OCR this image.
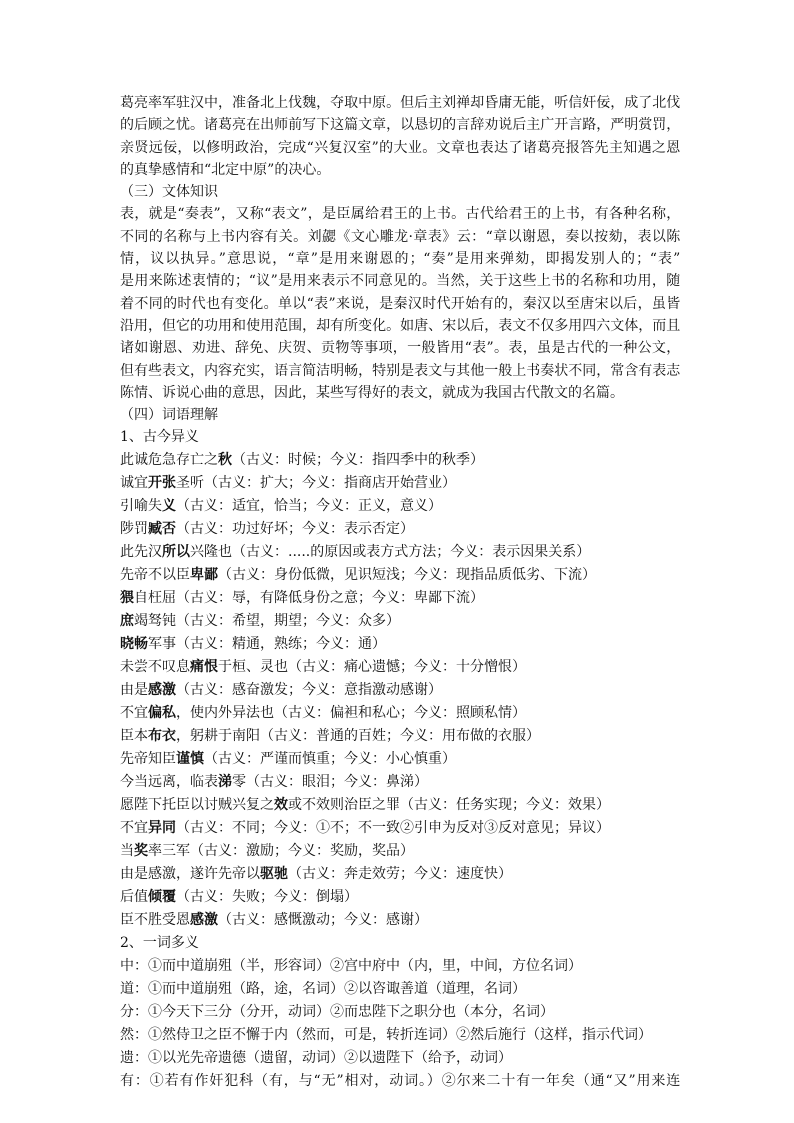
葛亮率军驻汉中，准备北上伐魏，夺取中原。但后主刘禅却昏庸无能，听信奸佞，成了北伐
的后顾之忧。诸葛亮在出师前写下这篇文章，以恳切的言辞劝说后主广开言路，严明赏罚，
亲贤远佞，以修明政治，完成“兴复汉室”的大业。文章也表达了诸葛亮报答先主知遇之恩
的真挚感情和“北定中原”的决心。
（三）文体知识
表，就是“奏表”，又称“表文”，是臣属给君王的上书。古代给君王的上书，有各种名称，
不同的名称与上书内容有关。刘勰《文心雕龙·章表》云：“章以谢恩，奏以按劾，表以陈
情，议以执异。”意思说，“章”是用来谢恩的；“奏”是用来弹劾，即揭发别人的；“表”
是用来陈述衷情的；“议”是用来表示不同意见的。当然，关于这些上书的名称和功用，随
着不同的时代也有变化。单以“表”来说，是秦汉时代开始有的，秦汉以至唐宋以后，虽皆
沿用，但它的功用和使用范围，却有所变化。如唐、宋以后，表文不仅多用四六文体，而且
诸如谢恩、劝进、辞免、庆贺、贡物等事项，一般皆用“表”。表，虽是古代的一种公文，
但有些表文，内容充实，语言简洁明畅，特别是表文与其他一般上书奏状不同，常含有表志
陈情、诉说心曲的意思，因此，某些写得好的表文，就成为我国古代散文的名篇。
（四）词语理解
1、古今异义
此诚危急存亡之秋（古义：时候；今义：指四季中的秋季）
诚宜开张圣听（古义：扩大；今义：指商店开始营业）
引喻失义（古义：适宜，恰当；今义：正义，意义）
陟罚臧否（古义：功过好坏；今义：表示否定）
此先汉所以兴隆也（古义：.....的原因或表方式方法；今义：表示因果关系）
先帝不以臣卑鄙（古义：身份低微，见识短浅；今义：现指品质低劣、下流）
猥自枉屈（古义：辱，有降低身份之意；今义：卑鄙下流）
庶竭驽钝（古义：希望，期望；今义：众多）
晓畅军事（古义：精通，熟练；今义：通）
未尝不叹息痛恨于桓、灵也（古义：痛心遗憾；今义：十分憎恨）
由是感激（古义：感奋激发；今义：意指激动感谢）
不宜偏私，使内外异法也（古义：偏袒和私心；今义：照顾私情）
臣本布衣，躬耕于南阳（古义：普通的百姓；今义：用布做的衣服）
先帝知臣谨慎（古义：严谨而慎重；今义：小心慎重）
今当远离，临表涕零（古义：眼泪；今义：鼻涕）
愿陛下托臣以讨贼兴复之效或不效则治臣之罪（古义：任务实现；今义：效果）
不宜异同（古义：不同；今义：①不；不一致②引申为反对③反对意见；异议）
当奖率三军（古义：激励；今义：奖励，奖品）
由是感激，遂许先帝以驱驰（古义：奔走效劳；今义：速度快）
后值倾覆（古义：失败；今义：倒塌）
臣不胜受恩感激（古义：感慨激动；今义：感谢）
2、一词多义
中：①而中道崩殂（半，形容词）②宫中府中（内，里，中间，方位名词）
道：①而中道崩殂（路，途，名词）②以咨诹善道（道理，名词）
分：①今天下三分（分开，动词）②而忠陛下之职分也（本分，名词）
然：①然侍卫之臣不懈于内（然而，可是，转折连词）②然后施行（这样，指示代词）
遗：①以光先帝遗德（遗留，动词）②以遗陛下（给予，动词）
有：①若有作奸犯科（有，与“无”相对，动词。）②尔来二十有一年矣（通“又”用来连
